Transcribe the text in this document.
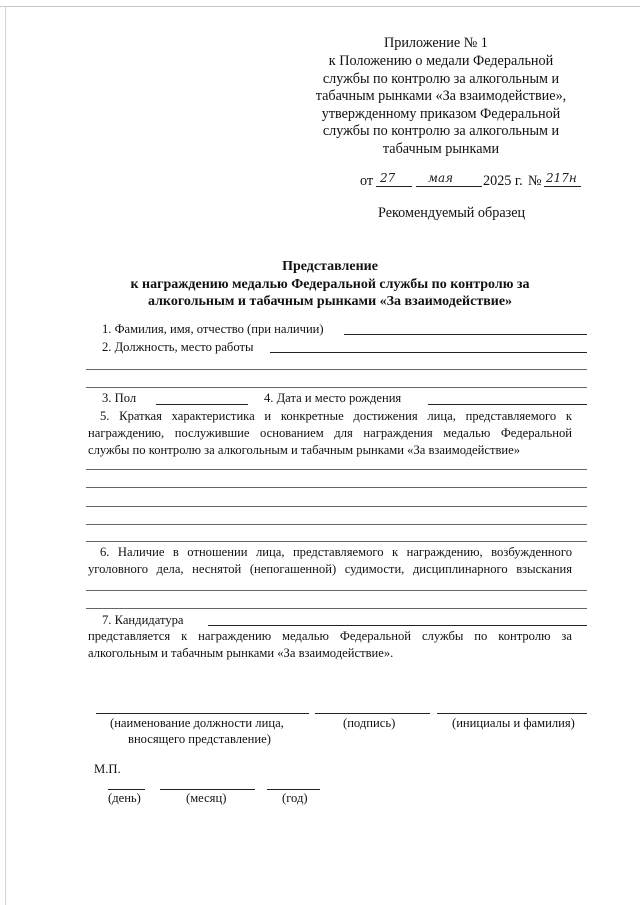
Приложение № 1
к Положению о медали Федеральной
службы по контролю за алкогольным и
табачным рынками «За взаимодействие»,
утвержденному приказом Федеральной
службы по контролю за алкогольным и
табачным рынками
от 27	мая 2025 г. № 217н
Рекомендуемый образец
Представление
к награждению медалью Федеральной службы по контролю за
алкогольным и табачным рынками «За взаимодействие»
1. Фамилия, имя, отчество (при наличии)
2. Должность, место работы
3. Пол	4. Дата и место рождения
5. Краткая характеристика и конкретные достижения лица, представляемого к
награждению, послужившие основанием для награждения медалью Федеральной
службы по контролю за алкогольным и табачным рынками «За взаимодействие»
6. Наличие в отношении лица, представляемого к награждению, возбужденного
уголовного дела, неснятой (непогашенной) судимости, дисциплинарного взыскания
7. Кандидатура
представляется к награждению медалью Федеральной службы по контролю за
алкогольным и табачным рынками «За взаимодействие».
(наименование должности лица,
вносящего представление)
(подпись)	(инициалы и фамилия)
М.П.
(день)	(месяц)	(год)
